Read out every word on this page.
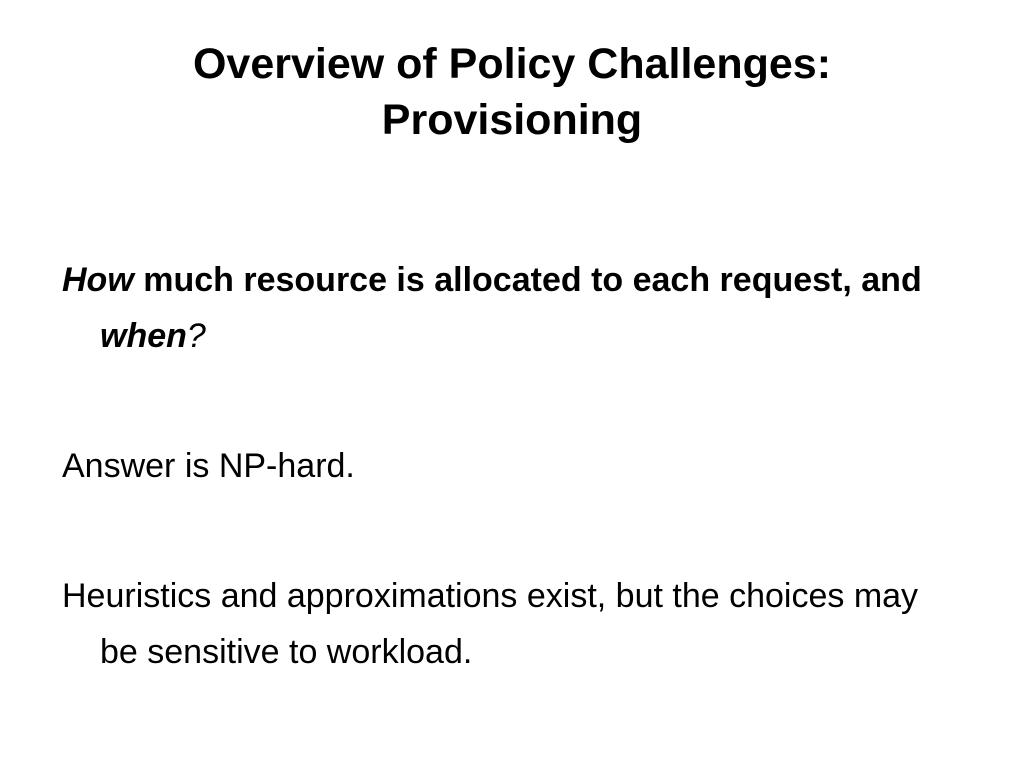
Overview of Policy Challenges:
Provisioning

How much resource is allocated to each request, and when?

Answer is NP-hard.

Heuristics and approximations exist, but the choices may be sensitive to workload.
